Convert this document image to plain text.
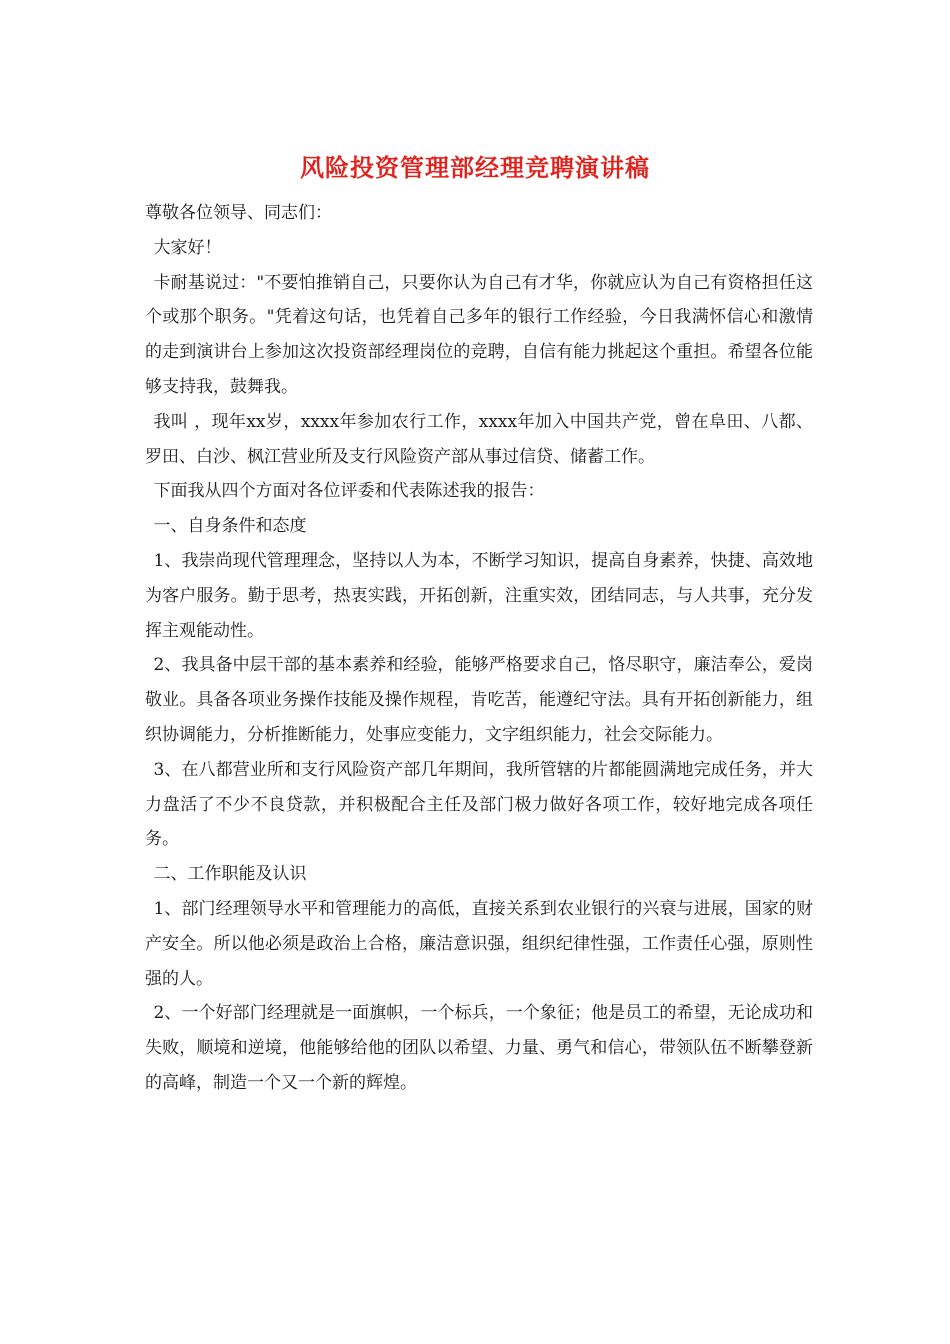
风险投资管理部经理竞聘演讲稿

尊敬各位领导、同志们：

大家好！

卡耐基说过："不要怕推销自己，只要你认为自己有才华，你就应认为自己有资格担任这个或那个职务。"凭着这句话，也凭着自己多年的银行工作经验，今日我满怀信心和激情的走到演讲台上参加这次投资部经理岗位的竞聘，自信有能力挑起这个重担。希望各位能够支持我，鼓舞我。

我叫 ，现年xx岁，xxxx年参加农行工作，xxxx年加入中国共产党，曾在阜田、八都、罗田、白沙、枫江营业所及支行风险资产部从事过信贷、储蓄工作。

下面我从四个方面对各位评委和代表陈述我的报告：

一、自身条件和态度

1、我崇尚现代管理理念，坚持以人为本，不断学习知识，提高自身素养，快捷、高效地为客户服务。勤于思考，热衷实践，开拓创新，注重实效，团结同志，与人共事，充分发挥主观能动性。

2、我具备中层干部的基本素养和经验，能够严格要求自己，恪尽职守，廉洁奉公，爱岗敬业。具备各项业务操作技能及操作规程，肯吃苦，能遵纪守法。具有开拓创新能力，组织协调能力，分析推断能力，处事应变能力，文字组织能力，社会交际能力。

3、在八都营业所和支行风险资产部几年期间，我所管辖的片都能圆满地完成任务，并大力盘活了不少不良贷款，并积极配合主任及部门极力做好各项工作，较好地完成各项任务。

二、工作职能及认识

1、部门经理领导水平和管理能力的高低，直接关系到农业银行的兴衰与进展，国家的财产安全。所以他必须是政治上合格，廉洁意识强，组织纪律性强，工作责任心强，原则性强的人。

2、一个好部门经理就是一面旗帜，一个标兵，一个象征；他是员工的希望，无论成功和失败，顺境和逆境，他能够给他的团队以希望、力量、勇气和信心，带领队伍不断攀登新的高峰，制造一个又一个新的辉煌。
